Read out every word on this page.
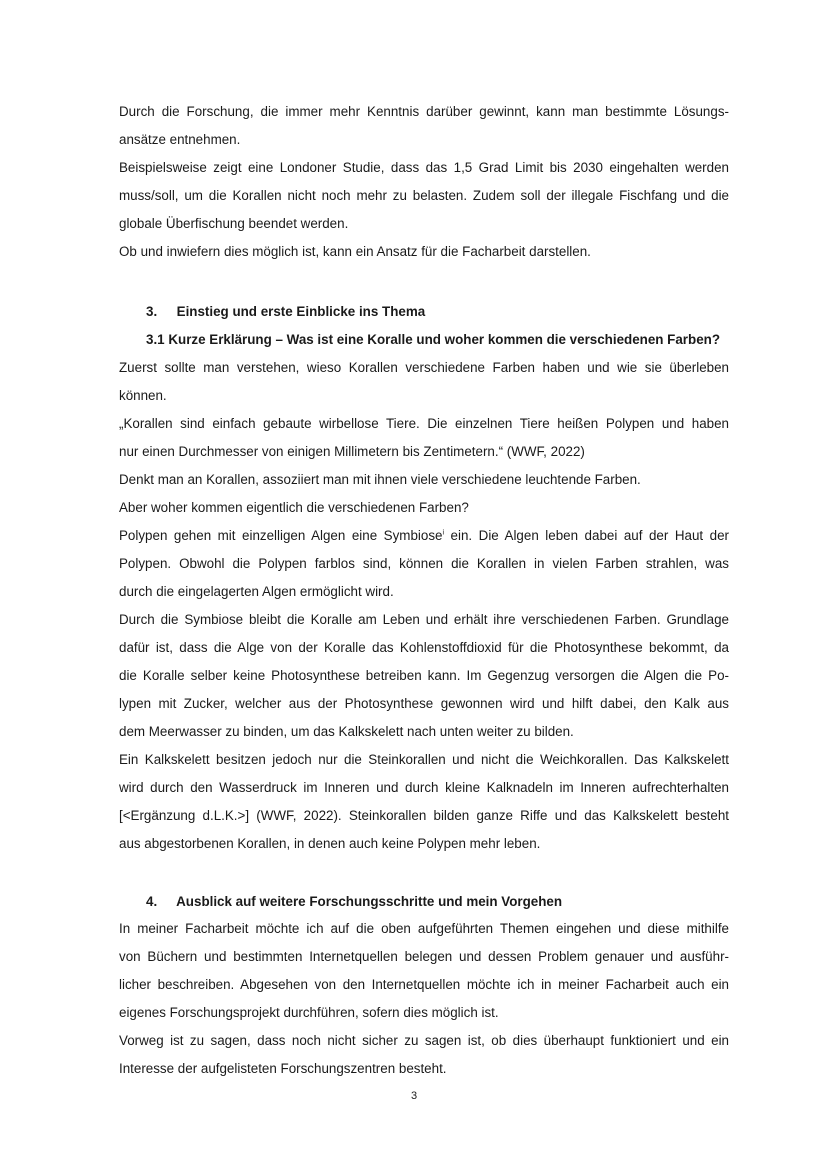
Durch die Forschung, die immer mehr Kenntnis darüber gewinnt, kann man bestimmte Lösungs-
ansätze entnehmen.
Beispielsweise zeigt eine Londoner Studie, dass das 1,5 Grad Limit bis 2030 eingehalten werden
muss/soll, um die Korallen nicht noch mehr zu belasten. Zudem soll der illegale Fischfang und die
globale Überfischung beendet werden.
Ob und inwiefern dies möglich ist, kann ein Ansatz für die Facharbeit darstellen.
3. Einstieg und erste Einblicke ins Thema
3.1 Kurze Erklärung – Was ist eine Koralle und woher kommen die verschiedenen Farben?
Zuerst sollte man verstehen, wieso Korallen verschiedene Farben haben und wie sie überleben
können.
„Korallen sind einfach gebaute wirbellose Tiere. Die einzelnen Tiere heißen Polypen und haben
nur einen Durchmesser von einigen Millimetern bis Zentimetern.“ (WWF, 2022)
Denkt man an Korallen, assoziiert man mit ihnen viele verschiedene leuchtende Farben.
Aber woher kommen eigentlich die verschiedenen Farben?
Polypen gehen mit einzelligen Algen eine Symbiose$^i$ ein. Die Algen leben dabei auf der Haut der
Polypen. Obwohl die Polypen farblos sind, können die Korallen in vielen Farben strahlen, was
durch die eingelagerten Algen ermöglicht wird.
Durch die Symbiose bleibt die Koralle am Leben und erhält ihre verschiedenen Farben. Grundlage
dafür ist, dass die Alge von der Koralle das Kohlenstoffdioxid für die Photosynthese bekommt, da
die Koralle selber keine Photosynthese betreiben kann. Im Gegenzug versorgen die Algen die Po-
lypen mit Zucker, welcher aus der Photosynthese gewonnen wird und hilft dabei, den Kalk aus
dem Meerwasser zu binden, um das Kalkskelett nach unten weiter zu bilden.
Ein Kalkskelett besitzen jedoch nur die Steinkorallen und nicht die Weichkorallen. Das Kalkskelett
wird durch den Wasserdruck im Inneren und durch kleine Kalknadeln im Inneren aufrechterhalten
[<Ergänzung d.L.K.>] (WWF, 2022). Steinkorallen bilden ganze Riffe und das Kalkskelett besteht
aus abgestorbenen Korallen, in denen auch keine Polypen mehr leben.
4. Ausblick auf weitere Forschungsschritte und mein Vorgehen
In meiner Facharbeit möchte ich auf die oben aufgeführten Themen eingehen und diese mithilfe
von Büchern und bestimmten Internetquellen belegen und dessen Problem genauer und ausführ-
licher beschreiben. Abgesehen von den Internetquellen möchte ich in meiner Facharbeit auch ein
eigenes Forschungsprojekt durchführen, sofern dies möglich ist.
Vorweg ist zu sagen, dass noch nicht sicher zu sagen ist, ob dies überhaupt funktioniert und ein
Interesse der aufgelisteten Forschungszentren besteht.
3
